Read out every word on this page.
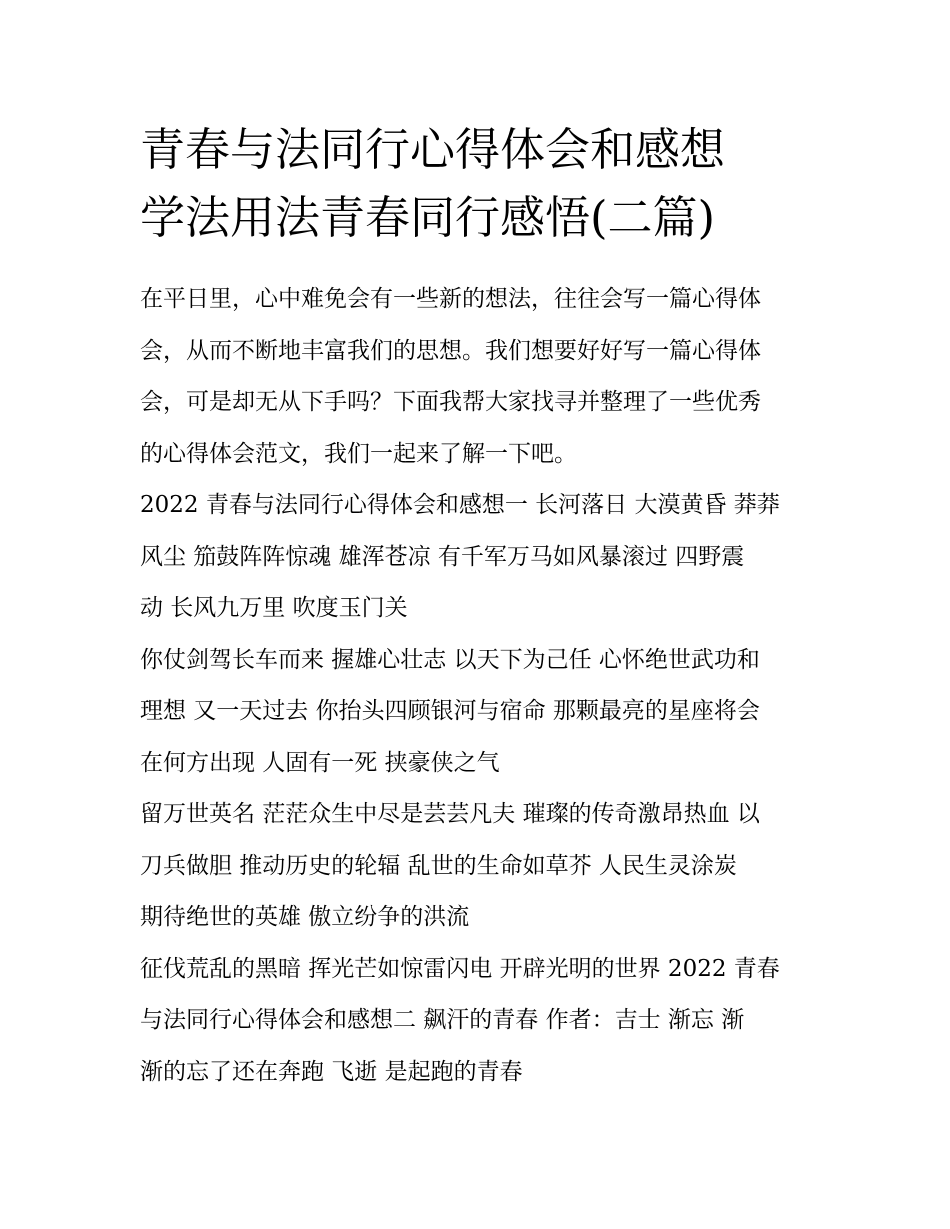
青春与法同行心得体会和感想
学法用法青春同行感悟(二篇)

在平日里，心中难免会有一些新的想法，往往会写一篇心得体
会，从而不断地丰富我们的思想。我们想要好好写一篇心得体
会，可是却无从下手吗？下面我帮大家找寻并整理了一些优秀
的心得体会范文，我们一起来了解一下吧。

2022 青春与法同行心得体会和感想一 长河落日 大漠黄昏 莽莽
风尘 笳鼓阵阵惊魂 雄浑苍凉 有千军万马如风暴滚过 四野震
动 长风九万里 吹度玉门关

你仗剑驾长车而来 握雄心壮志 以天下为己任 心怀绝世武功和
理想 又一天过去 你抬头四顾银河与宿命 那颗最亮的星座将会
在何方出现 人固有一死 挟豪侠之气

留万世英名 茫茫众生中尽是芸芸凡夫 璀璨的传奇激昂热血 以
刀兵做胆 推动历史的轮辐 乱世的生命如草芥 人民生灵涂炭
期待绝世的英雄 傲立纷争的洪流

征伐荒乱的黑暗 挥光芒如惊雷闪电 开辟光明的世界 2022 青春
与法同行心得体会和感想二 飙汗的青春 作者：吉士 渐忘 渐
渐的忘了还在奔跑 飞逝 是起跑的青春
